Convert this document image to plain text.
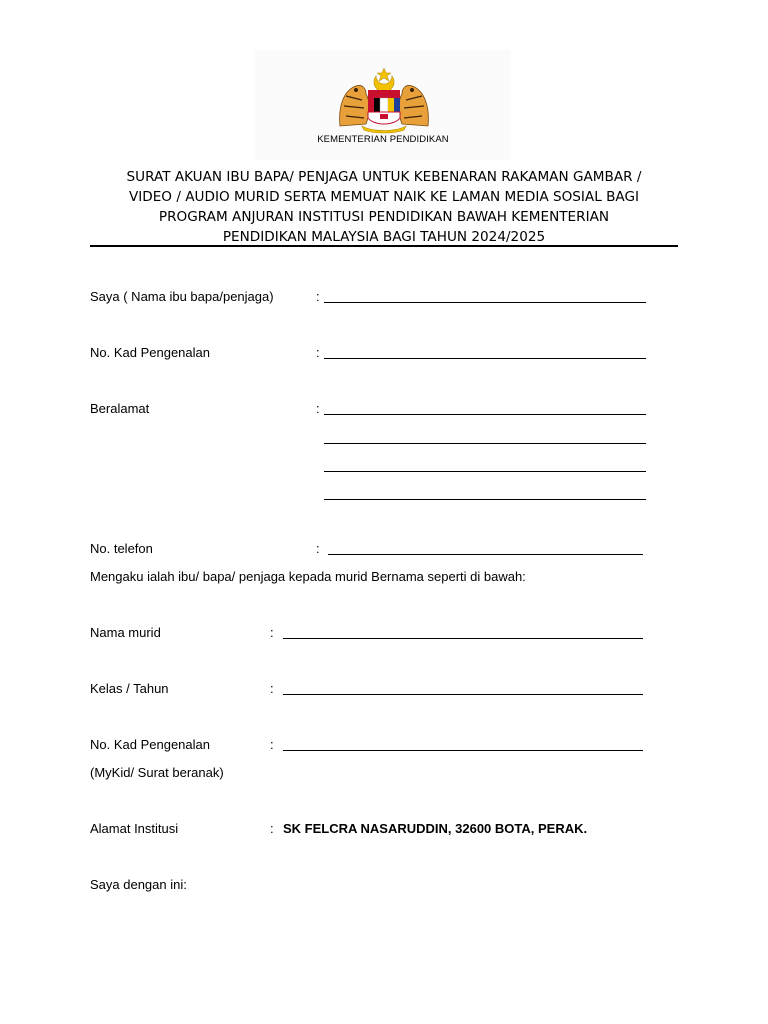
KEMENTERIAN PENDIDIKAN
SURAT AKUAN IBU BAPA/ PENJAGA UNTUK KEBENARAN RAKAMAN GAMBAR /
VIDEO / AUDIO MURID SERTA MEMUAT NAIK KE LAMAN MEDIA SOSIAL BAGI
PROGRAM ANJURAN INSTITUSI PENDIDIKAN BAWAH KEMENTERIAN
PENDIDIKAN MALAYSIA BAGI TAHUN 2024/2025
Saya ( Nama ibu bapa/penjaga)	:
No. Kad Pengenalan	:
Beralamat	:
No. telefon	:
Mengaku ialah ibu/ bapa/ penjaga kepada murid Bernama seperti di bawah:
Nama murid	:
Kelas / Tahun	:
No. Kad Pengenalan	:
(MyKid/ Surat beranak)
Alamat Institusi	: SK FELCRA NASARUDDIN, 32600 BOTA, PERAK.
Saya dengan ini:
